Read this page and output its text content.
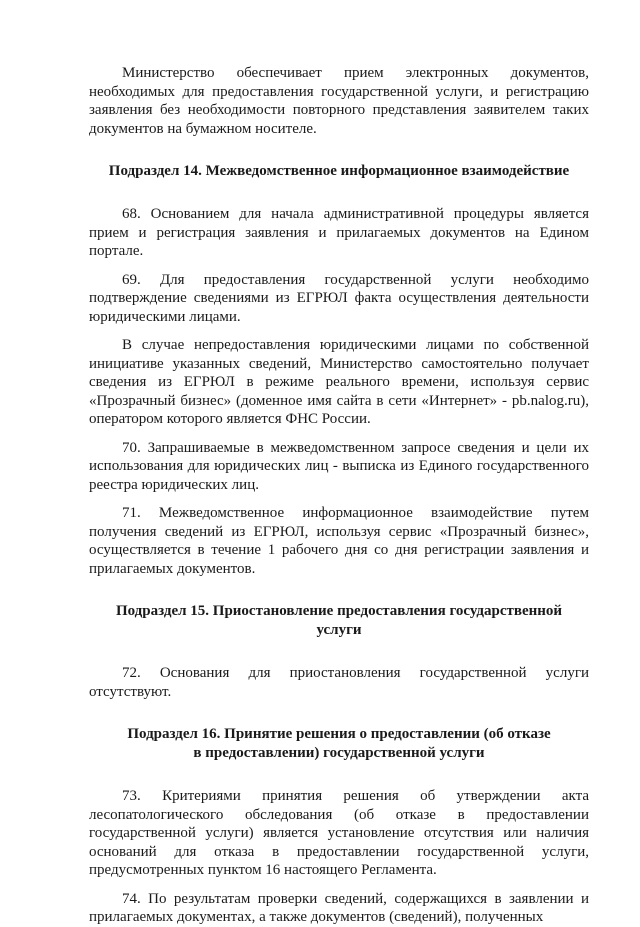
Министерство обеспечивает прием электронных документов, необходимых для предоставления государственной услуги, и регистрацию заявления без необходимости повторного представления заявителем таких документов на бумажном носителе.

Подраздел 14. Межведомственное информационное взаимодействие

68. Основанием для начала административной процедуры является прием и регистрация заявления и прилагаемых документов на Едином портале.

69. Для предоставления государственной услуги необходимо подтверждение сведениями из ЕГРЮЛ факта осуществления деятельности юридическими лицами.

В случае непредоставления юридическими лицами по собственной инициативе указанных сведений, Министерство самостоятельно получает сведения из ЕГРЮЛ в режиме реального времени, используя сервис «Прозрачный бизнес» (доменное имя сайта в сети «Интернет» - pb.nalog.ru), оператором которого является ФНС России.

70. Запрашиваемые в межведомственном запросе сведения и цели их использования для юридических лиц - выписка из Единого государственного реестра юридических лиц.

71. Межведомственное информационное взаимодействие путем получения сведений из ЕГРЮЛ, используя сервис «Прозрачный бизнес», осуществляется в течение 1 рабочего дня со дня регистрации заявления и прилагаемых документов.

Подраздел 15. Приостановление предоставления государственной
услуги

72. Основания для приостановления государственной услуги отсутствуют.

Подраздел 16. Принятие решения о предоставлении (об отказе
в предоставлении) государственной услуги

73. Критериями принятия решения об утверждении акта лесопатологического обследования (об отказе в предоставлении государственной услуги) является установление отсутствия или наличия оснований для отказа в предоставлении государственной услуги, предусмотренных пунктом 16 настоящего Регламента.

74. По результатам проверки сведений, содержащихся в заявлении и прилагаемых документах, а также документов (сведений), полученных
